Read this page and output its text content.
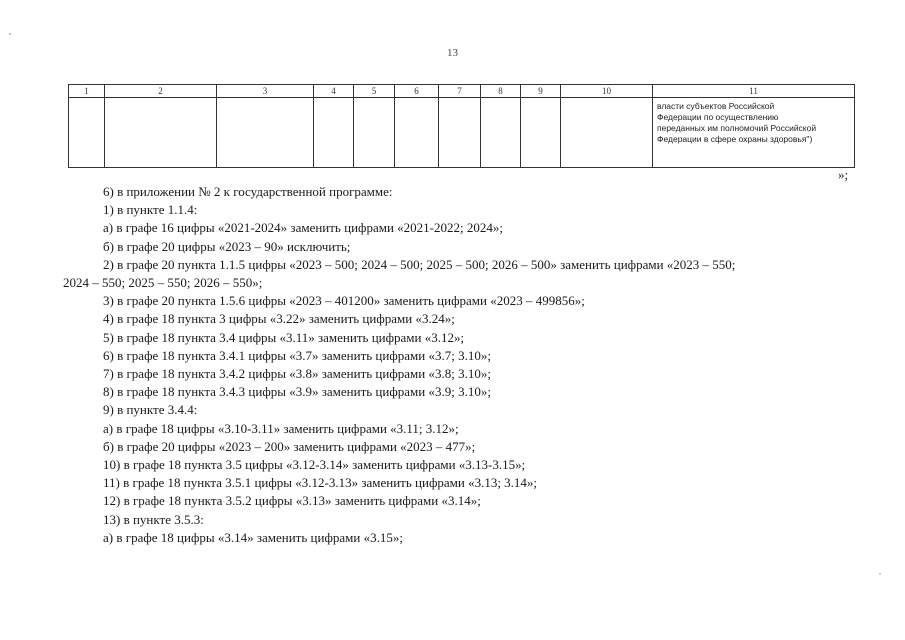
13
1	2	3	4	5	6	7	8	9	10	11

										власти субъектов Российской
Федерации по осуществлению
переданных им полномочий Российской
Федерации в сфере охраны здоровья")
»;
6) в приложении № 2 к государственной программе:
1) в пункте 1.1.4:
а) в графе 16 цифры «2021-2024» заменить цифрами «2021-2022; 2024»;
б) в графе 20 цифры «2023 – 90» исключить;
2) в графе 20 пункта 1.1.5 цифры «2023 – 500; 2024 – 500; 2025 – 500; 2026 – 500» заменить цифрами «2023 – 550;
2024 – 550; 2025 – 550; 2026 – 550»;
3) в графе 20 пункта 1.5.6 цифры «2023 – 401200» заменить цифрами «2023 – 499856»;
4) в графе 18 пункта 3 цифры «3.22» заменить цифрами «3.24»;
5) в графе 18 пункта 3.4 цифры «3.11» заменить цифрами «3.12»;
6) в графе 18 пункта 3.4.1 цифры «3.7» заменить цифрами «3.7; 3.10»;
7) в графе 18 пункта 3.4.2 цифры «3.8» заменить цифрами «3.8; 3.10»;
8) в графе 18 пункта 3.4.3 цифры «3.9» заменить цифрами «3.9; 3.10»;
9) в пункте 3.4.4:
а) в графе 18 цифры «3.10-3.11» заменить цифрами «3.11; 3.12»;
б) в графе 20 цифры «2023 – 200» заменить цифрами «2023 – 477»;
10) в графе 18 пункта 3.5 цифры «3.12-3.14» заменить цифрами «3.13-3.15»;
11) в графе 18 пункта 3.5.1 цифры «3.12-3.13» заменить цифрами «3.13; 3.14»;
12) в графе 18 пункта 3.5.2 цифры «3.13» заменить цифрами «3.14»;
13) в пункте 3.5.3:
а) в графе 18 цифры «3.14» заменить цифрами «3.15»;
